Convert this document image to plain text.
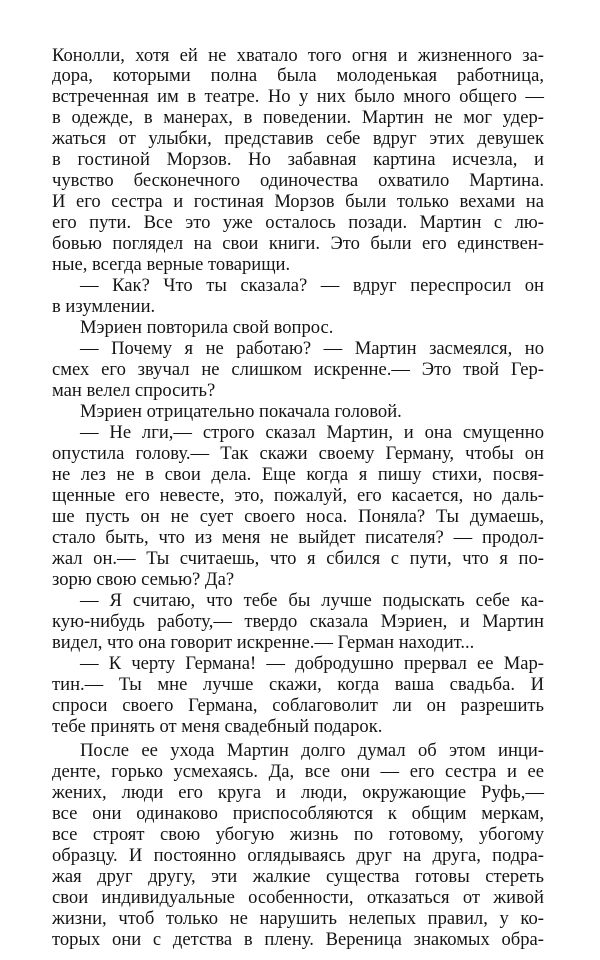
Конолли, хотя ей не хватало того огня и жизненного за-
дора, которыми полна была молоденькая работница,
встреченная им в театре. Но у них было много общего —
в одежде, в манерах, в поведении. Мартин не мог удер-
жаться от улыбки, представив себе вдруг этих девушек
в гостиной Морзов. Но забавная картина исчезла, и
чувство бесконечного одиночества охватило Мартина.
И его сестра и гостиная Морзов были только вехами на
его пути. Все это уже осталось позади. Мартин с лю-
бовью поглядел на свои книги. Это были его единствен-
ные, всегда верные товарищи.
— Как? Что ты сказала? — вдруг переспросил он
в изумлении.
Мэриен повторила свой вопрос.
— Почему я не работаю? — Мартин засмеялся, но
смех его звучал не слишком искренне.— Это твой Гер-
ман велел спросить?
Мэриен отрицательно покачала головой.
— Не лги,— строго сказал Мартин, и она смущенно
опустила голову.— Так скажи своему Герману, чтобы он
не лез не в свои дела. Еще когда я пишу стихи, посвя-
щенные его невесте, это, пожалуй, его касается, но даль-
ше пусть он не сует своего носа. Поняла? Ты думаешь,
стало быть, что из меня не выйдет писателя? — продол-
жал он.— Ты считаешь, что я сбился с пути, что я по-
зорю свою семью? Да?
— Я считаю, что тебе бы лучше подыскать себе ка-
кую-нибудь работу,— твердо сказала Мэриен, и Мартин
видел, что она говорит искренне.— Герман находит...
— К черту Германа! — добродушно прервал ее Мар-
тин.— Ты мне лучше скажи, когда ваша свадьба. И
спроси своего Германа, соблаговолит ли он разрешить
тебе принять от меня свадебный подарок.
После ее ухода Мартин долго думал об этом инци-
денте, горько усмехаясь. Да, все они — его сестра и ее
жених, люди его круга и люди, окружающие Руфь,—
все они одинаково приспособляются к общим меркам,
все строят свою убогую жизнь по готовому, убогому
образцу. И постоянно оглядываясь друг на друга, подра-
жая друг другу, эти жалкие существа готовы стереть
свои индивидуальные особенности, отказаться от живой
жизни, чтоб только не нарушить нелепых правил, у ко-
торых они с детства в плену. Вереница знакомых обра-
